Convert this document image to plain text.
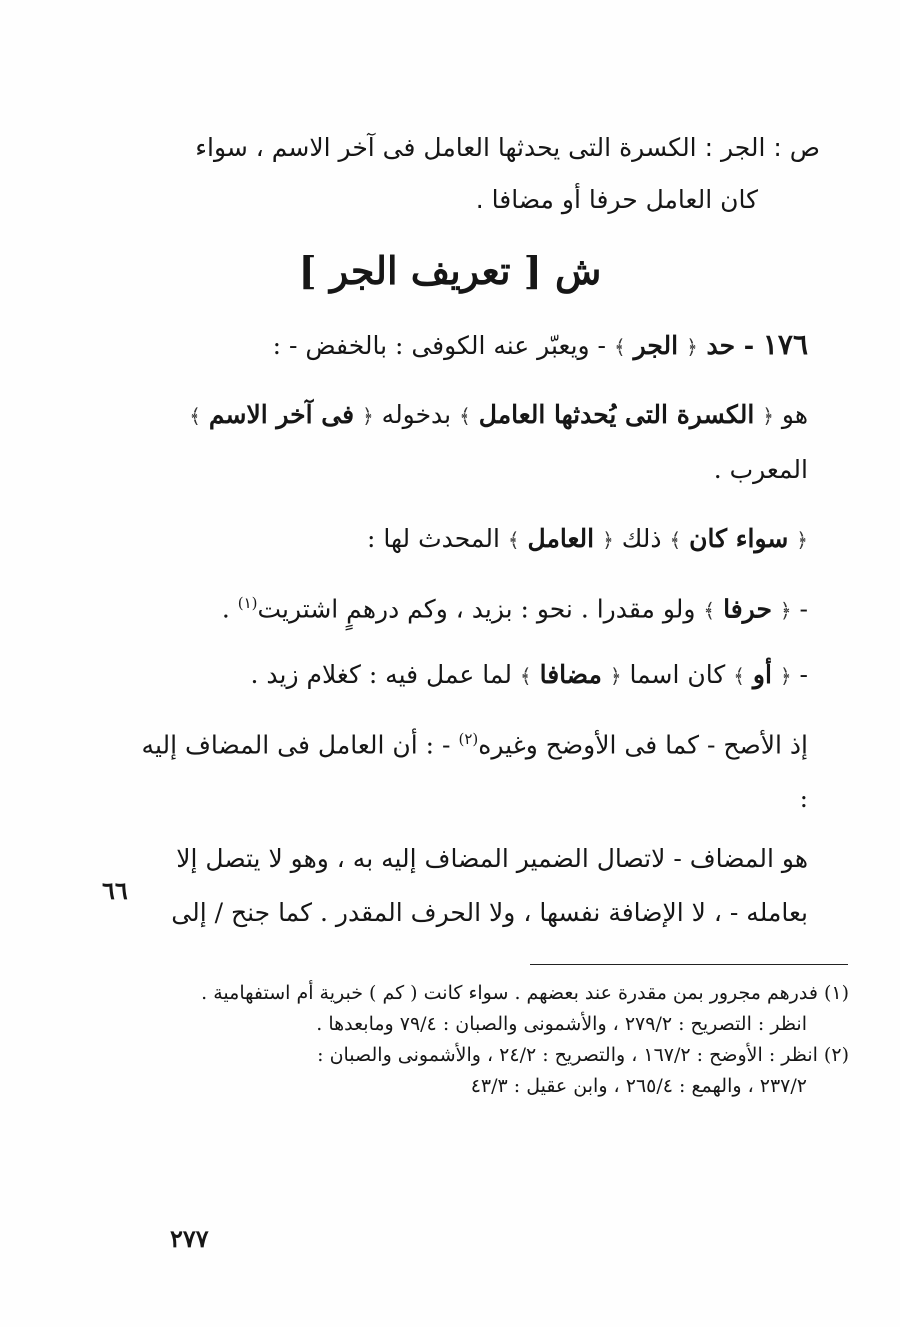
ص : الجر : الكسرة التى يحدثها العامل فى آخر الاسم ، سواء
كان العامل حرفا أو مضافا .
ش [ تعريف الجر ]
١٧٦ - حد ﴿ الجر ﴾ - ويعبّر عنه الكوفى : بالخفض - :
هو ﴿ الكسرة التى يُحدثها العامل ﴾ بدخوله ﴿ فى آخر الاسم ﴾ المعرب .
﴿ سواء كان ﴾ ذلك ﴿ العامل ﴾ المحدث لها :
- ﴿ حرفا ﴾ ولو مقدرا . نحو : بزيد ، وكم درهمٍ اشتريت$^{(١)}$ .
- ﴿ أو ﴾ كان اسما ﴿ مضافا ﴾ لما عمل فيه : كغلام زيد .
إذ الأصح - كما فى الأوضح وغيره$^{(٢)}$ - : أن العامل فى المضاف إليه :
هو المضاف - لاتصال الضمير المضاف إليه به ، وهو لا يتصل إلا بعامله - ، لا الإضافة نفسها ، ولا الحرف المقدر . كما جنح / إلى
٦٦
(١) فدرهم مجرور بمن مقدرة عند بعضهم . سواء كانت ( كم ) خبرية أم استفهامية .
انظر : التصريح : ٢٧٩/٢ ، والأشمونى والصبان : ٧٩/٤ ومابعدها .
(٢) انظر : الأوضح : ١٦٧/٢ ، والتصريح : ٢٤/٢ ، والأشمونى والصبان :
٢٣٧/٢ ، والهمع : ٢٦٥/٤ ، وابن عقيل : ٤٣/٣
٢٧٧
